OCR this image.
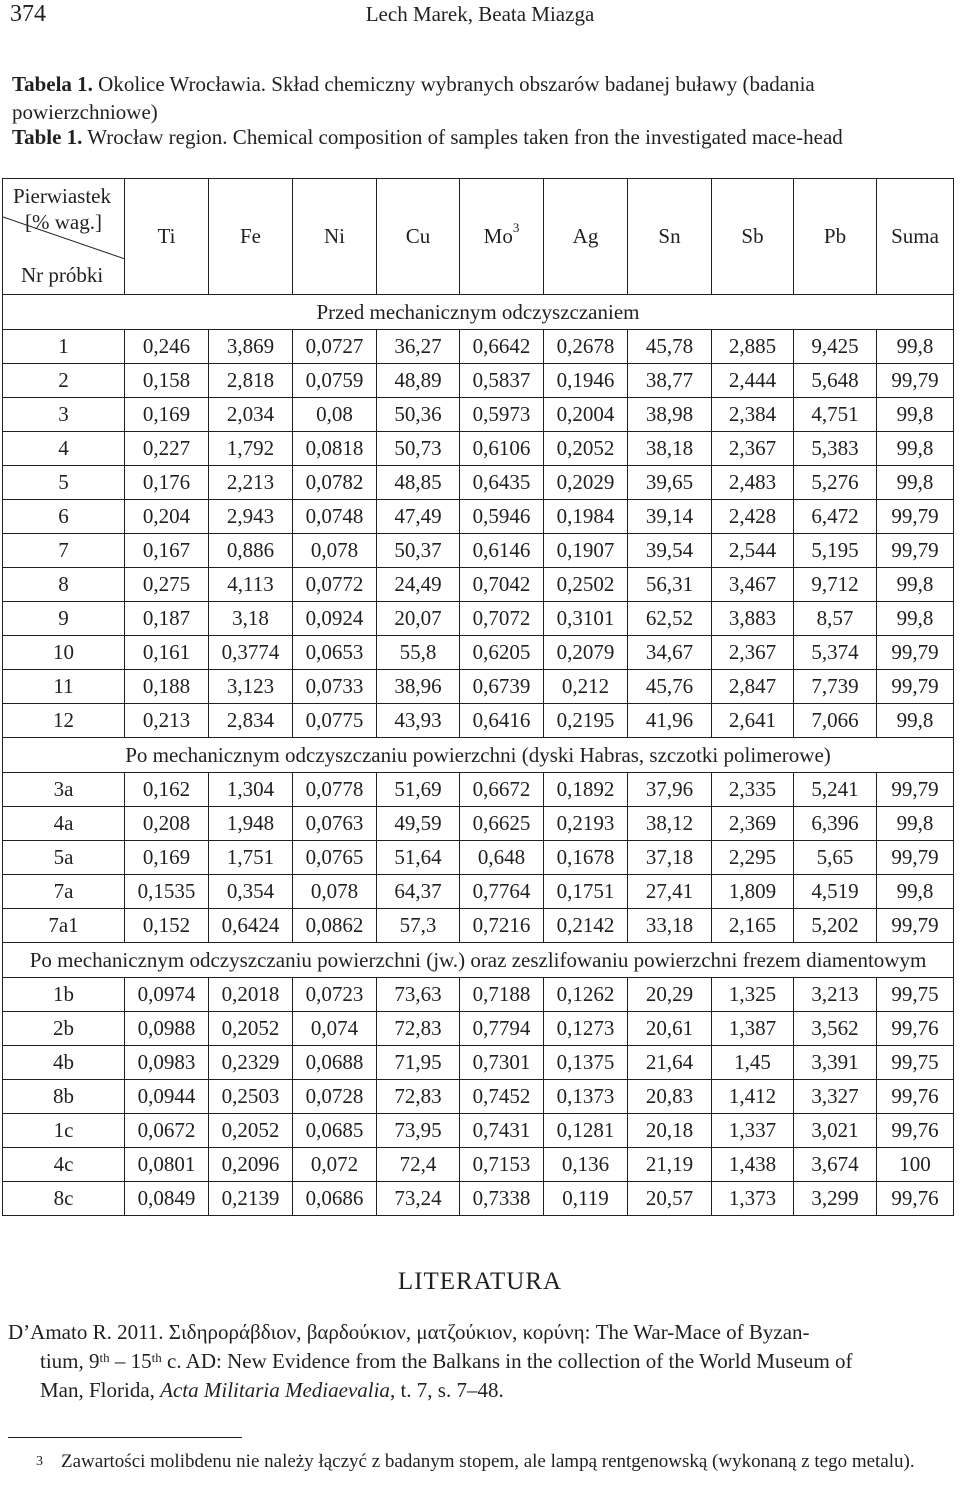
374	Lech Marek, Beata Miazga
Tabela 1. Okolice Wrocławia. Skład chemiczny wybranych obszarów badanej buławy (badania powierzchniowe)
Table 1. Wrocław region. Chemical composition of samples taken fron the investigated mace-head
Pierwiastek
[% wag.]
Nr próbki	Ti	Fe	Ni	Cu	Mo$^3$	Ag	Sn	Sb	Pb	Suma
Przed mechanicznym odczyszczaniem										
1	0,246	3,869	0,0727	36,27	0,6642	0,2678	45,78	2,885	9,425	99,8
2	0,158	2,818	0,0759	48,89	0,5837	0,1946	38,77	2,444	5,648	99,79
3	0,169	2,034	0,08	50,36	0,5973	0,2004	38,98	2,384	4,751	99,8
4	0,227	1,792	0,0818	50,73	0,6106	0,2052	38,18	2,367	5,383	99,8
5	0,176	2,213	0,0782	48,85	0,6435	0,2029	39,65	2,483	5,276	99,8
6	0,204	2,943	0,0748	47,49	0,5946	0,1984	39,14	2,428	6,472	99,79
7	0,167	0,886	0,078	50,37	0,6146	0,1907	39,54	2,544	5,195	99,79
8	0,275	4,113	0,0772	24,49	0,7042	0,2502	56,31	3,467	9,712	99,8
9	0,187	3,18	0,0924	20,07	0,7072	0,3101	62,52	3,883	8,57	99,8
10	0,161	0,3774	0,0653	55,8	0,6205	0,2079	34,67	2,367	5,374	99,79
11	0,188	3,123	0,0733	38,96	0,6739	0,212	45,76	2,847	7,739	99,79
12	0,213	2,834	0,0775	43,93	0,6416	0,2195	41,96	2,641	7,066	99,8
Po mechanicznym odczyszczaniu powierzchni (dyski Habras, szczotki polimerowe)										
3a	0,162	1,304	0,0778	51,69	0,6672	0,1892	37,96	2,335	5,241	99,79
4a	0,208	1,948	0,0763	49,59	0,6625	0,2193	38,12	2,369	6,396	99,8
5a	0,169	1,751	0,0765	51,64	0,648	0,1678	37,18	2,295	5,65	99,79
7a	0,1535	0,354	0,078	64,37	0,7764	0,1751	27,41	1,809	4,519	99,8
7a1	0,152	0,6424	0,0862	57,3	0,7216	0,2142	33,18	2,165	5,202	99,79
Po mechanicznym odczyszczaniu powierzchni (jw.) oraz zeszlifowaniu powierzchni frezem diamentowym										
1b	0,0974	0,2018	0,0723	73,63	0,7188	0,1262	20,29	1,325	3,213	99,75
2b	0,0988	0,2052	0,074	72,83	0,7794	0,1273	20,61	1,387	3,562	99,76
4b	0,0983	0,2329	0,0688	71,95	0,7301	0,1375	21,64	1,45	3,391	99,75
8b	0,0944	0,2503	0,0728	72,83	0,7452	0,1373	20,83	1,412	3,327	99,76
1c	0,0672	0,2052	0,0685	73,95	0,7431	0,1281	20,18	1,337	3,021	99,76
4c	0,0801	0,2096	0,072	72,4	0,7153	0,136	21,19	1,438	3,674	100
8c	0,0849	0,2139	0,0686	73,24	0,7338	0,119	20,57	1,373	3,299	99,76
LITERATURA
D’Amato R. 2011. Σιδηροράβδιον, βαρδούκιον, ματζούκιον, κορύνη: The War-Mace of Byzan-
tium, 9th – 15th c. AD: New Evidence from the Balkans in the collection of the World Museum of
Man, Florida, Acta Militaria Mediaevalia, t. 7, s. 7–48.
$^3$ Zawartości molibdenu nie należy łączyć z badanym stopem, ale lampą rentgenowską (wykonaną z tego metalu).
